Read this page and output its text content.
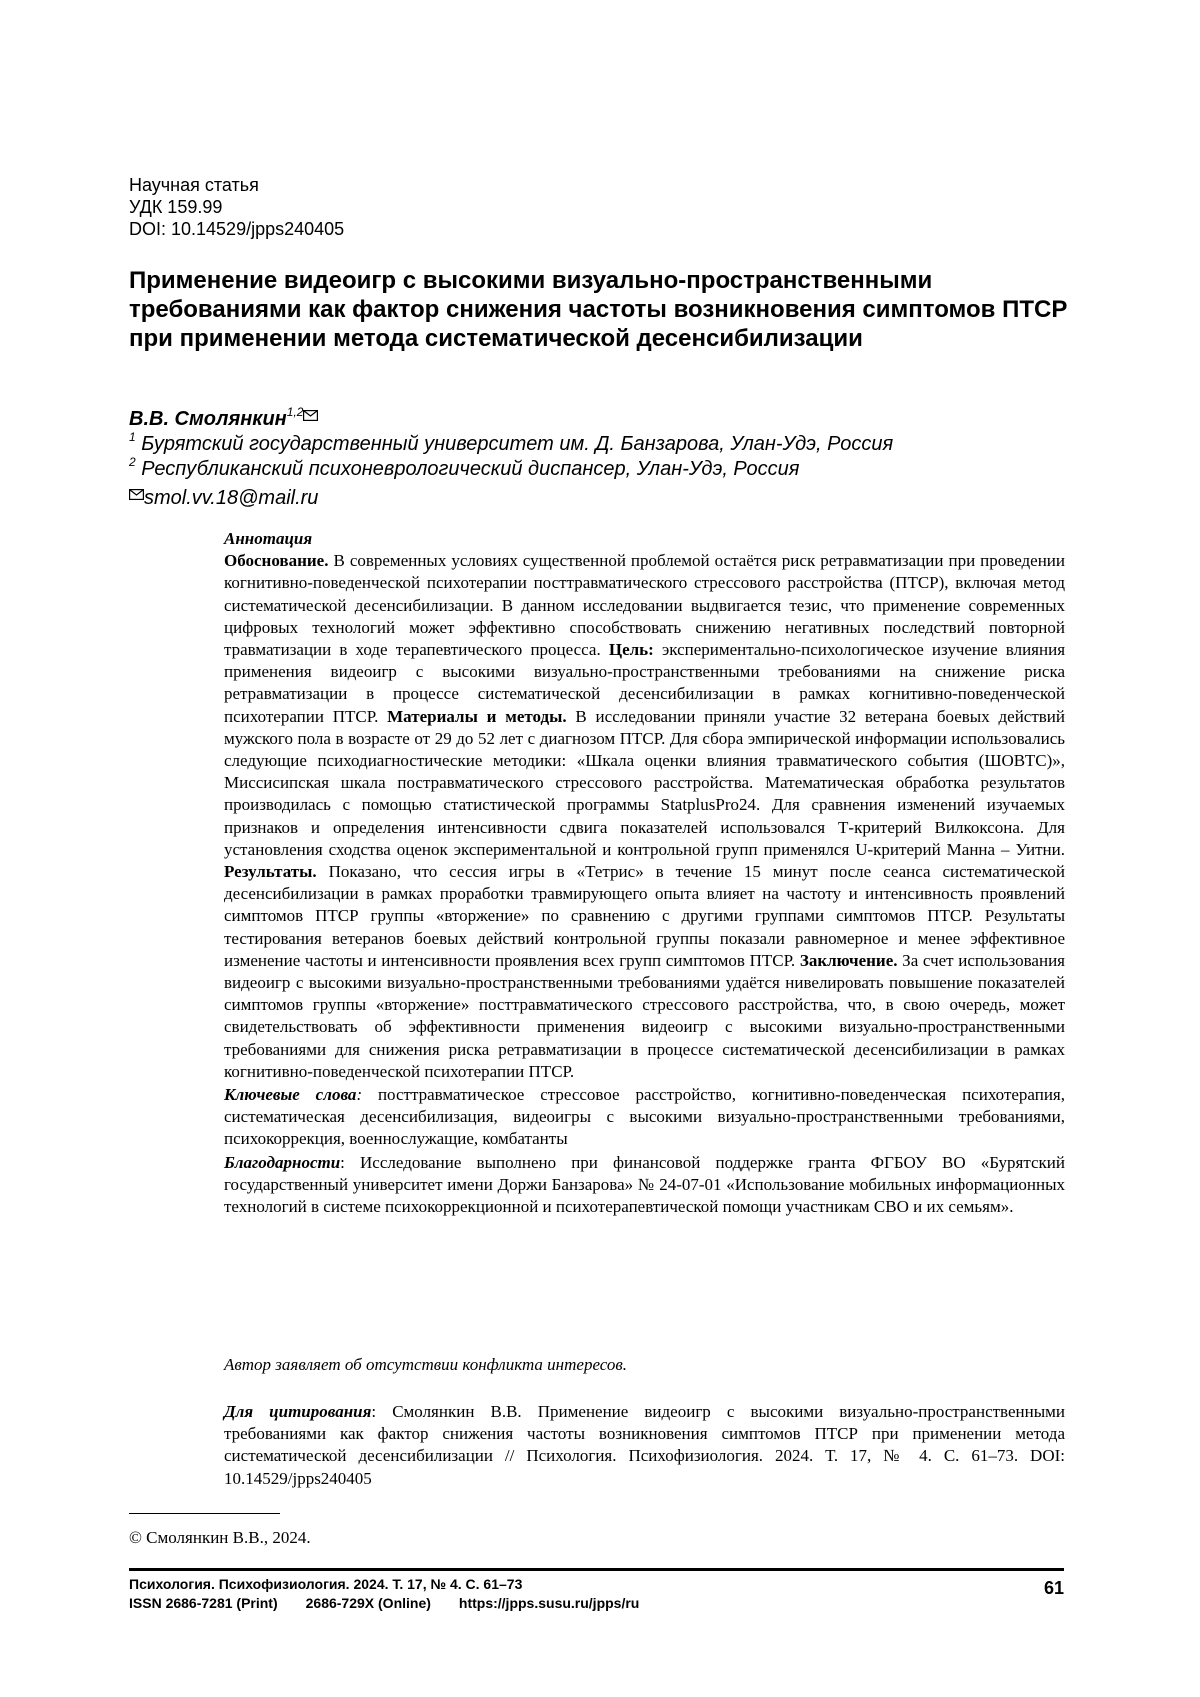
Научная статья
УДК 159.99
DOI: 10.14529/jpps240405
Применение видеоигр с высокими визуально-пространственными требованиями как фактор снижения частоты возникновения симптомов ПТСР при применении метода систематической десенсибилизации
В.В. Смолянкин1,2
1 Бурятский государственный университет им. Д. Банзарова, Улан-Удэ, Россия
2 Республиканский психоневрологический диспансер, Улан-Удэ, Россия
smol.vv.18@mail.ru

Аннотация

Обоснование. В современных условиях существенной проблемой остаётся риск ретравматизации при проведении когнитивно-поведенческой психотерапии посттравматического стрессового расстройства (ПТСР), включая метод систематической десенсибилизации. В данном исследовании выдвигается тезис, что применение современных цифровых технологий может эффективно способствовать снижению негативных последствий повторной травматизации в ходе терапевтического процесса. Цель: экспериментально-психологическое изучение влияния применения видеоигр с высокими визуально-пространственными требованиями на снижение риска ретравматизации в процессе систематической десенсибилизации в рамках когнитивно-поведенческой психотерапии ПТСР. Материалы и методы. В исследовании приняли участие 32 ветерана боевых действий мужского пола в возрасте от 29 до 52 лет с диагнозом ПТСР. Для сбора эмпирической информации использовались следующие психодиагностические методики: «Шкала оценки влияния травматического события (ШОВТС)», Миссисипская шкала постравматического стрессового расстройства. Математическая обработка результатов производилась с помощью статистической программы StatplusPro24. Для сравнения изменений изучаемых признаков и определения интенсивности сдвига показателей использовался Т-критерий Вилкоксона. Для установления сходства оценок экспериментальной и контрольной групп применялся U-критерий Манна – Уитни. Результаты. Показано, что сессия игры в «Тетрис» в течение 15 минут после сеанса систематической десенсибилизации в рамках проработки травмирующего опыта влияет на частоту и интенсивность проявлений симптомов ПТСР группы «вторжение» по сравнению с другими группами симптомов ПТСР. Результаты тестирования ветеранов боевых действий контрольной группы показали равномерное и менее эффективное изменение частоты и интенсивности проявления всех групп симптомов ПТСР. Заключение. За счет использования видеоигр с высокими визуально-пространственными требованиями удаётся нивелировать повышение показателей симптомов группы «вторжение» посттравматического стрессового расстройства, что, в свою очередь, может свидетельствовать об эффективности применения видеоигр с высокими визуально-пространственными требованиями для снижения риска ретравматизации в процессе систематической десенсибилизации в рамках когнитивно-поведенческой психотерапии ПТСР.

Ключевые слова: посттравматическое стрессовое расстройство, когнитивно-поведенческая психотерапия, систематическая десенсибилизация, видеоигры с высокими визуально-пространственными требованиями, психокоррекция, военнослужащие, комбатанты

Благодарности: Исследование выполнено при финансовой поддержке гранта ФГБОУ ВО «Бурятский государственный университет имени Доржи Банзарова» № 24-07-01 «Использование мобильных информационных технологий в системе психокоррекционной и психотерапевтической помощи участникам СВО и их семьям».

Автор заявляет об отсутствии конфликта интересов.

Для цитирования: Смолянкин В.В. Применение видеоигр с высокими визуально-пространственными требованиями как фактор снижения частоты возникновения симптомов ПТСР при применении метода систематической десенсибилизации // Психология. Психофизиология. 2024. Т. 17, № 4. С. 61–73. DOI: 10.14529/jpps240405

© Смолянкин В.В., 2024.
Психология. Психофизиология. 2024. Т. 17, № 4. С. 61–73
ISSN 2686-7281 (Print) 2686-729X (Online) https://jpps.susu.ru/jpps/ru
61
